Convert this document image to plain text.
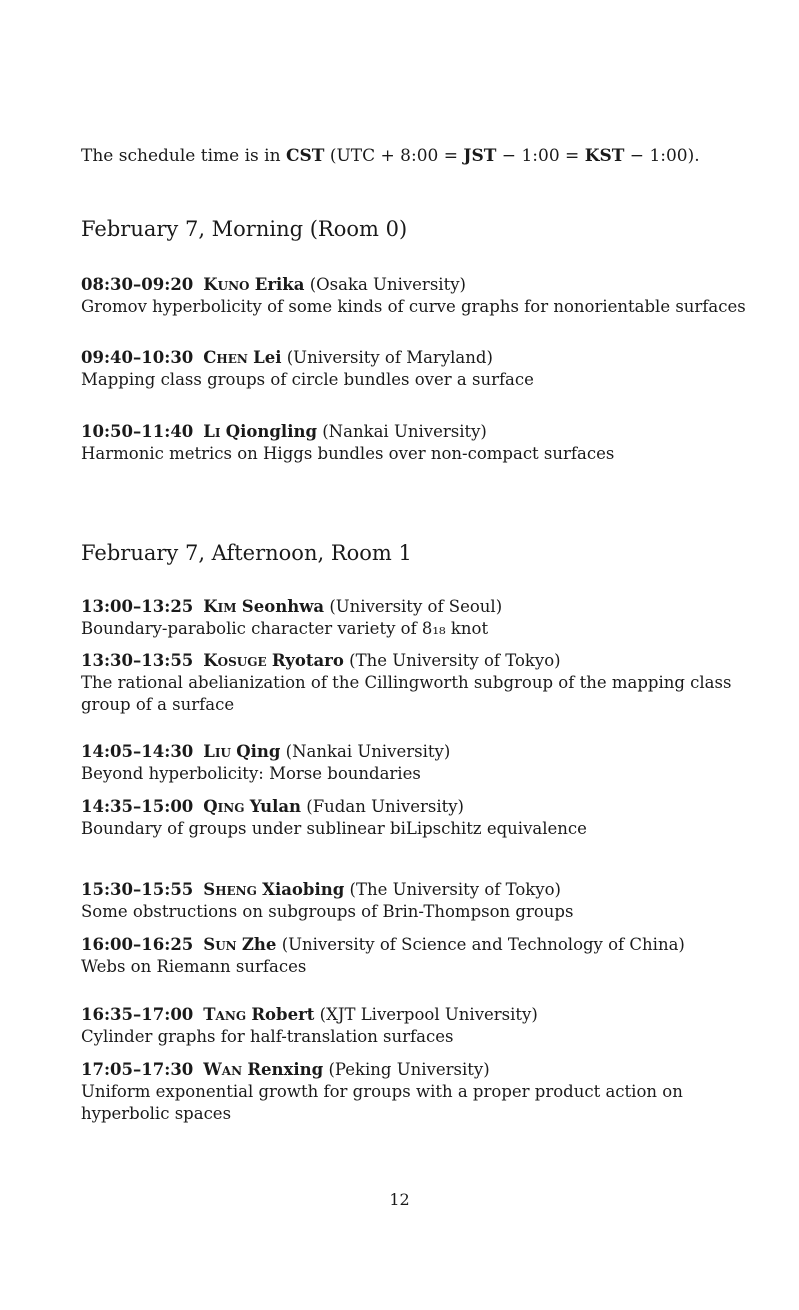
The schedule time is in CST (UTC + 8:00 = JST − 1:00 = KST − 1:00).

February 7, Morning (Room 0)
08:30–09:20 Kuno Erika (Osaka University)
Gromov hyperbolicity of some kinds of curve graphs for nonorientable surfaces
09:40–10:30 Chen Lei (University of Maryland)
Mapping class groups of circle bundles over a surface
10:50–11:40 Li Qiongling (Nankai University)
Harmonic metrics on Higgs bundles over non-compact surfaces
February 7, Afternoon, Room 1
13:00–13:25 Kim Seonhwa (University of Seoul)
Boundary-parabolic character variety of 8₁₈ knot
13:30–13:55 Kosuge Ryotaro (The University of Tokyo)
The rational abelianization of the Cillingworth subgroup of the mapping class group of a surface
14:05–14:30 Liu Qing (Nankai University)
Beyond hyperbolicity: Morse boundaries
14:35–15:00 Qing Yulan (Fudan University)
Boundary of groups under sublinear biLipschitz equivalence
15:30–15:55 Sheng Xiaobing (The University of Tokyo)
Some obstructions on subgroups of Brin-Thompson groups
16:00–16:25 Sun Zhe (University of Science and Technology of China)
Webs on Riemann surfaces
16:35–17:00 Tang Robert (XJT Liverpool University)
Cylinder graphs for half-translation surfaces
17:05–17:30 Wan Renxing (Peking University)
Uniform exponential growth for groups with a proper product action on hyperbolic spaces
12
